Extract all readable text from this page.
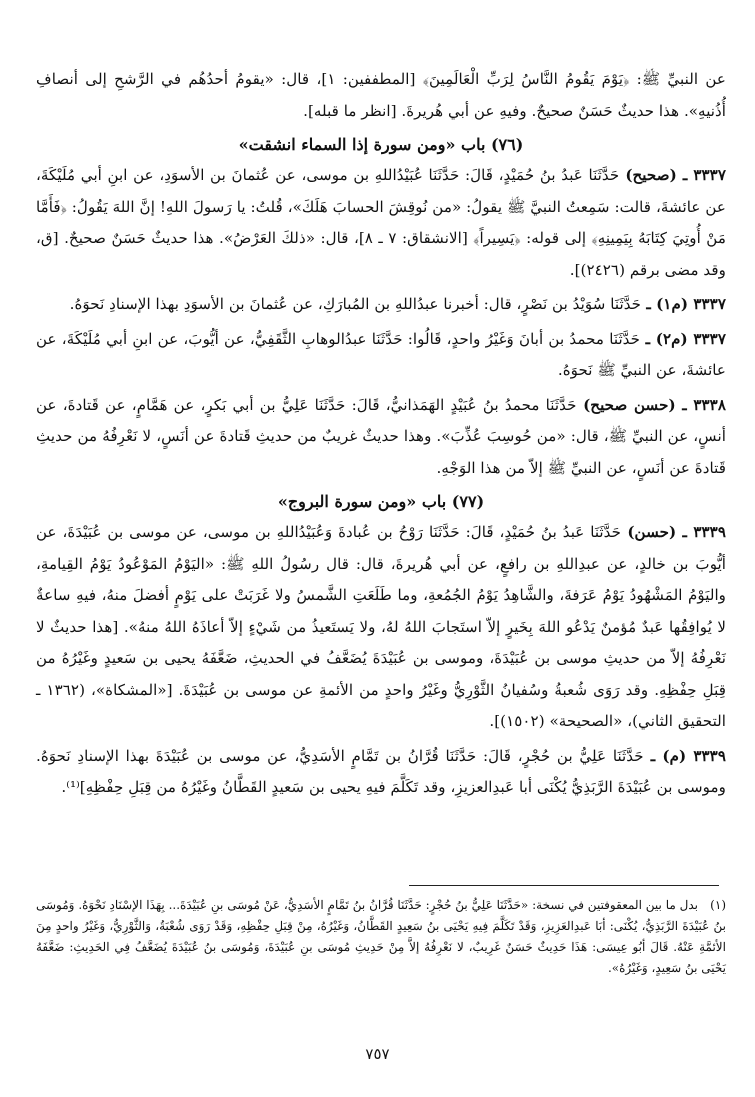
عن النبيِّ ﷺ: ﴿يَوْمَ يَقُومُ النَّاسُ لِرَبِّ الْعَالَمِينَ﴾ [المطففين: ١]، قال: «يقومُ أحدُهُم في الرَّشحِ إلى أنصافِ أُذُنيهِ». هذا حديثٌ حَسَنٌ صحيحٌ. وفيهِ عن أبي هُريرةَ. [انظر ما قبله].

(٧٦) باب «ومن سورة إذا السماء انشقت»

٣٣٣٧ ـ (صحيح) حَدَّثَنَا عَبدُ بنُ حُمَيْدٍ، قَالَ: حَدَّثَنَا عُبَيْدُاللهِ بن موسى، عن عُثمانَ بن الأسوَدِ، عن ابنِ أبي مُلَيْكَةَ، عن عائشةَ، قالت: سَمِعتُ النبيَّ ﷺ يقولُ: «من نُوقِشَ الحسابَ هَلَكَ»، قُلتُ: يا رَسولَ اللهِ! إنَّ اللهَ يَقُولُ: ﴿فَأَمَّا مَنْ أُوتِيَ كِتَابَهُ بِيَمِينِهِ﴾ إلى قوله: ﴿يَسِيراً﴾ [الانشقاق: ٧ ـ ٨]، قال: «ذلكَ العَرْضُ». هذا حديثٌ حَسَنٌ صحيحٌ. [ق، وقد مضى برقم (٢٤٢٦)].

٣٣٣٧ (م١) ـ حَدَّثَنَا سُوَيْدُ بن نَصْرٍ، قال: أخبرنا عبدُاللهِ بن المُبارَكِ، عن عُثمانَ بن الأسوَدِ بهذا الإسنادِ نَحوَهُ.

٣٣٣٧ (م٢) ـ حَدَّثَنَا محمدُ بن أبانَ وَغَيْرُ واحدٍ، قَالُوا: حَدَّثَنَا عبدُالوهابِ الثَّقَفِيُّ، عن أيُّوبَ، عن ابنِ أبي مُلَيْكَةَ، عن عائشةَ، عن النبيِّ ﷺ نَحوَهُ.

٣٣٣٨ ـ (حسن صحيح) حَدَّثَنَا محمدُ بنُ عُبَيْدٍ الهَمَذانيُّ، قَالَ: حَدَّثَنَا عَلِيُّ بن أبي بَكرٍ، عن هَمَّامٍ، عن قَتادةَ، عن أنسٍ، عن النبيِّ ﷺ، قال: «من حُوسِبَ عُذِّبَ». وهذا حديثٌ غريبٌ من حديثِ قَتادةَ عن أنَسٍ، لا نَعْرِفُهُ من حديثِ قَتادةَ عن أنَسٍ، عن النبيِّ ﷺ إلاّ من هذا الوَجْهِ.

(٧٧) باب «ومن سورة البروج»

٣٣٣٩ ـ (حسن) حَدَّثَنَا عَبدُ بنُ حُمَيْدٍ، قَالَ: حَدَّثَنَا رَوْحُ بن عُبادةَ وَعُبَيْدُاللهِ بن موسى، عن موسى بن عُبَيْدَةَ، عن أيُّوبَ بن خالدٍ، عن عبدِاللهِ بن رافعٍ، عن أبي هُريرةَ، قال: قال رسُولُ اللهِ ﷺ: «اليَوْمُ المَوْعُودُ يَوْمُ القِيامةِ، واليَوْمُ المَشْهُودُ يَوْمُ عَرَفةَ، والشَّاهِدُ يَوْمُ الجُمُعةِ، وما طَلَعَتِ الشَّمسُ ولا غَرَبَتْ على يَوْمٍ أفضلَ منهُ، فيهِ ساعةٌ لا يُوافِقُها عَبدٌ مُؤمنٌ يَدْعُو اللهَ بِخَيرٍ إلاّ استَجابَ اللهُ لهُ، ولا يَستَعيذُ من شَيْءٍ إلاّ أعاذَهُ اللهُ منهُ». [هذا حديثٌ لا نَعْرِفُهُ إلاّ من حديثِ موسى بن عُبَيْدَةَ، وموسى بن عُبَيْدَةَ يُضَعَّفُ في الحديثِ، ضَعَّفَهُ يحيى بن سَعيدٍ وغَيْرُهُ من قِبَلِ حِفْظِهِ. وقد رَوَى شُعبةُ وسُفيانُ الثَّوْرِيُّ وغَيْرُ واحدٍ من الأئمةِ عن موسى بن عُبَيْدَةَ. [«المشكاة»، (١٣٦٢ ـ التحقيق الثاني)، «الصحيحة» (١٥٠٢)].

٣٣٣٩ (م) ـ حَدَّثَنَا عَلِيُّ بن حُجْرٍ، قَالَ: حَدَّثَنَا قُرَّانُ بن تَمَّامٍ الأسَدِيُّ، عن موسى بن عُبَيْدَةَ بهذا الإسنادِ نَحوَهُ. وموسى بن عُبَيْدَةَ الرَّبَذِيُّ يُكْنَى أبا عَبدِالعزيزِ، وقد تَكَلَّمَ فيهِ يحيى بن سَعيدٍ القَطَّانُ وغَيْرُهُ من قِبَلِ حِفْظِهِ]⁽¹⁾.

(١)بدل ما بين المعقوفتين في نسخة: «حَدَّثَنَا عَلِيُّ بنُ حُجْرٍ: حَدَّثَنَا قُرَّانُ بنُ تَمَّامٍ الأسَدِيُّ، عَنْ مُوسَى بنِ عُبَيْدَةَ... بِهَذَا الإسْنَادِ نَحْوَهُ. وَمُوسَى بنُ عُبَيْدَةَ الرَّبَذِيُّ، يُكْنَى: أبَا عَبدِالعَزِيزِ، وَقَدْ تَكَلَّمَ فِيهِ يَحْيَى بنُ سَعِيدٍ القَطَّانُ، وَغَيْرُهُ، مِنْ قِبَلِ حِفْظِهِ، وَقَدْ رَوَى شُعْبَةُ، وَالثَّوْرِيُّ، وَغَيْرُ واحدٍ مِنَ الأئمَّةِ عَنْهُ. قَالَ أبُو عِيسَى: هَذَا حَدِيثٌ حَسَنٌ غَرِيبٌ، لا نَعْرِفُهُ إلاَّ مِنْ حَدِيثِ مُوسَى بنِ عُبَيْدَةَ، وَمُوسَى بنُ عُبَيْدَةَ يُضَعَّفُ فِي الحَدِيثِ: ضَعَّفَهُ يَحْيَى بنُ سَعِيدٍ، وَغَيْرُهُ».
٧٥٧
